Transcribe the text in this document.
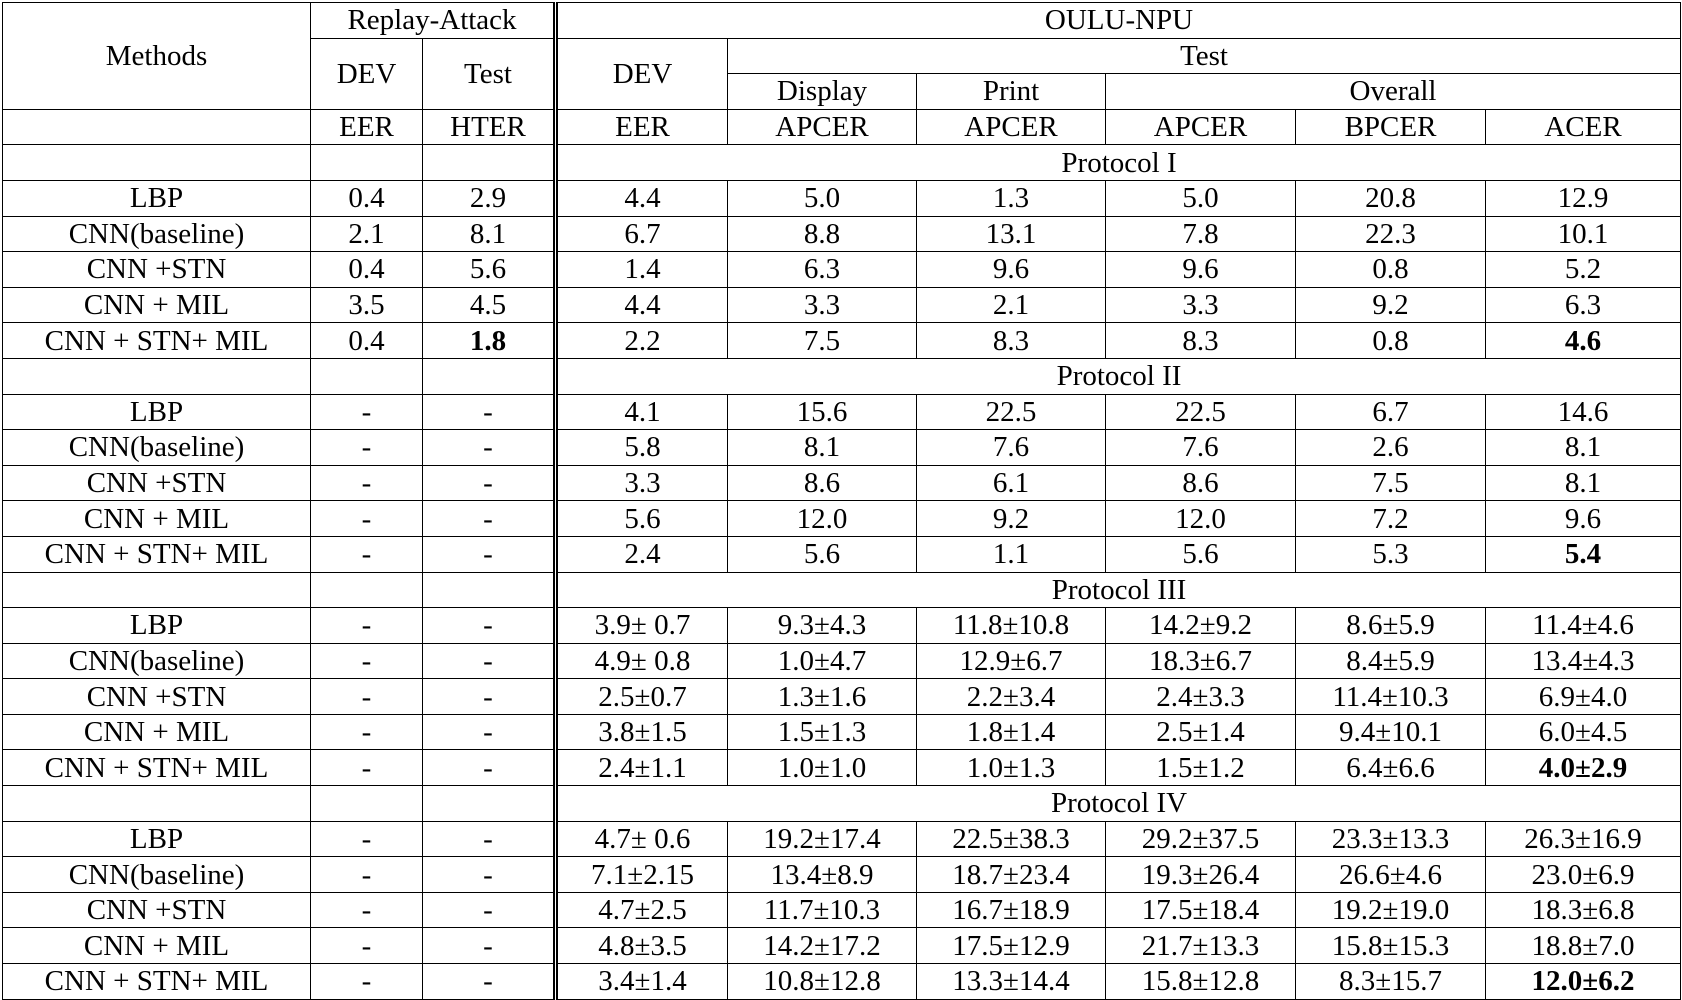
Methods	Replay-Attack		OULU-NPU					
	DEV	Test	DEV	Test				
				Display	Print	Overall		
	EER	HTER	EER	APCER	APCER	APCER	BPCER	ACER
			Protocol I					
LBP	0.4	2.9	4.4	5.0	1.3	5.0	20.8	12.9
CNN(baseline)	2.1	8.1	6.7	8.8	13.1	7.8	22.3	10.1
CNN +STN	0.4	5.6	1.4	6.3	9.6	9.6	0.8	5.2
CNN + MIL	3.5	4.5	4.4	3.3	2.1	3.3	9.2	6.3
CNN + STN+ MIL	0.4	1.8	2.2	7.5	8.3	8.3	0.8	4.6
			Protocol II					
LBP	-	-	4.1	15.6	22.5	22.5	6.7	14.6
CNN(baseline)	-	-	5.8	8.1	7.6	7.6	2.6	8.1
CNN +STN	-	-	3.3	8.6	6.1	8.6	7.5	8.1
CNN + MIL	-	-	5.6	12.0	9.2	12.0	7.2	9.6
CNN + STN+ MIL	-	-	2.4	5.6	1.1	5.6	5.3	5.4
			Protocol III					
LBP	-	-	3.9± 0.7	9.3±4.3	11.8±10.8	14.2±9.2	8.6±5.9	11.4±4.6
CNN(baseline)	-	-	4.9± 0.8	1.0±4.7	12.9±6.7	18.3±6.7	8.4±5.9	13.4±4.3
CNN +STN	-	-	2.5±0.7	1.3±1.6	2.2±3.4	2.4±3.3	11.4±10.3	6.9±4.0
CNN + MIL	-	-	3.8±1.5	1.5±1.3	1.8±1.4	2.5±1.4	9.4±10.1	6.0±4.5
CNN + STN+ MIL	-	-	2.4±1.1	1.0±1.0	1.0±1.3	1.5±1.2	6.4±6.6	4.0±2.9
			Protocol IV					
LBP	-	-	4.7± 0.6	19.2±17.4	22.5±38.3	29.2±37.5	23.3±13.3	26.3±16.9
CNN(baseline)	-	-	7.1±2.15	13.4±8.9	18.7±23.4	19.3±26.4	26.6±4.6	23.0±6.9
CNN +STN	-	-	4.7±2.5	11.7±10.3	16.7±18.9	17.5±18.4	19.2±19.0	18.3±6.8
CNN + MIL	-	-	4.8±3.5	14.2±17.2	17.5±12.9	21.7±13.3	15.8±15.3	18.8±7.0
CNN + STN+ MIL	-	-	3.4±1.4	10.8±12.8	13.3±14.4	15.8±12.8	8.3±15.7	12.0±6.2
